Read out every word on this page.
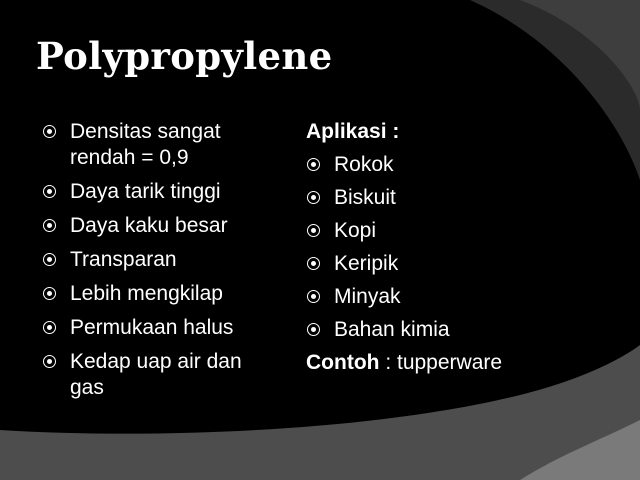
Polypropylene
Densitas sangat rendah = 0,9
Daya tarik tinggi
Daya kaku besar
Transparan
Lebih mengkilap
Permukaan halus
Kedap uap air dan gas
Aplikasi :
Rokok
Biskuit
Kopi
Keripik
Minyak
Bahan kimia
Contoh : tupperware
